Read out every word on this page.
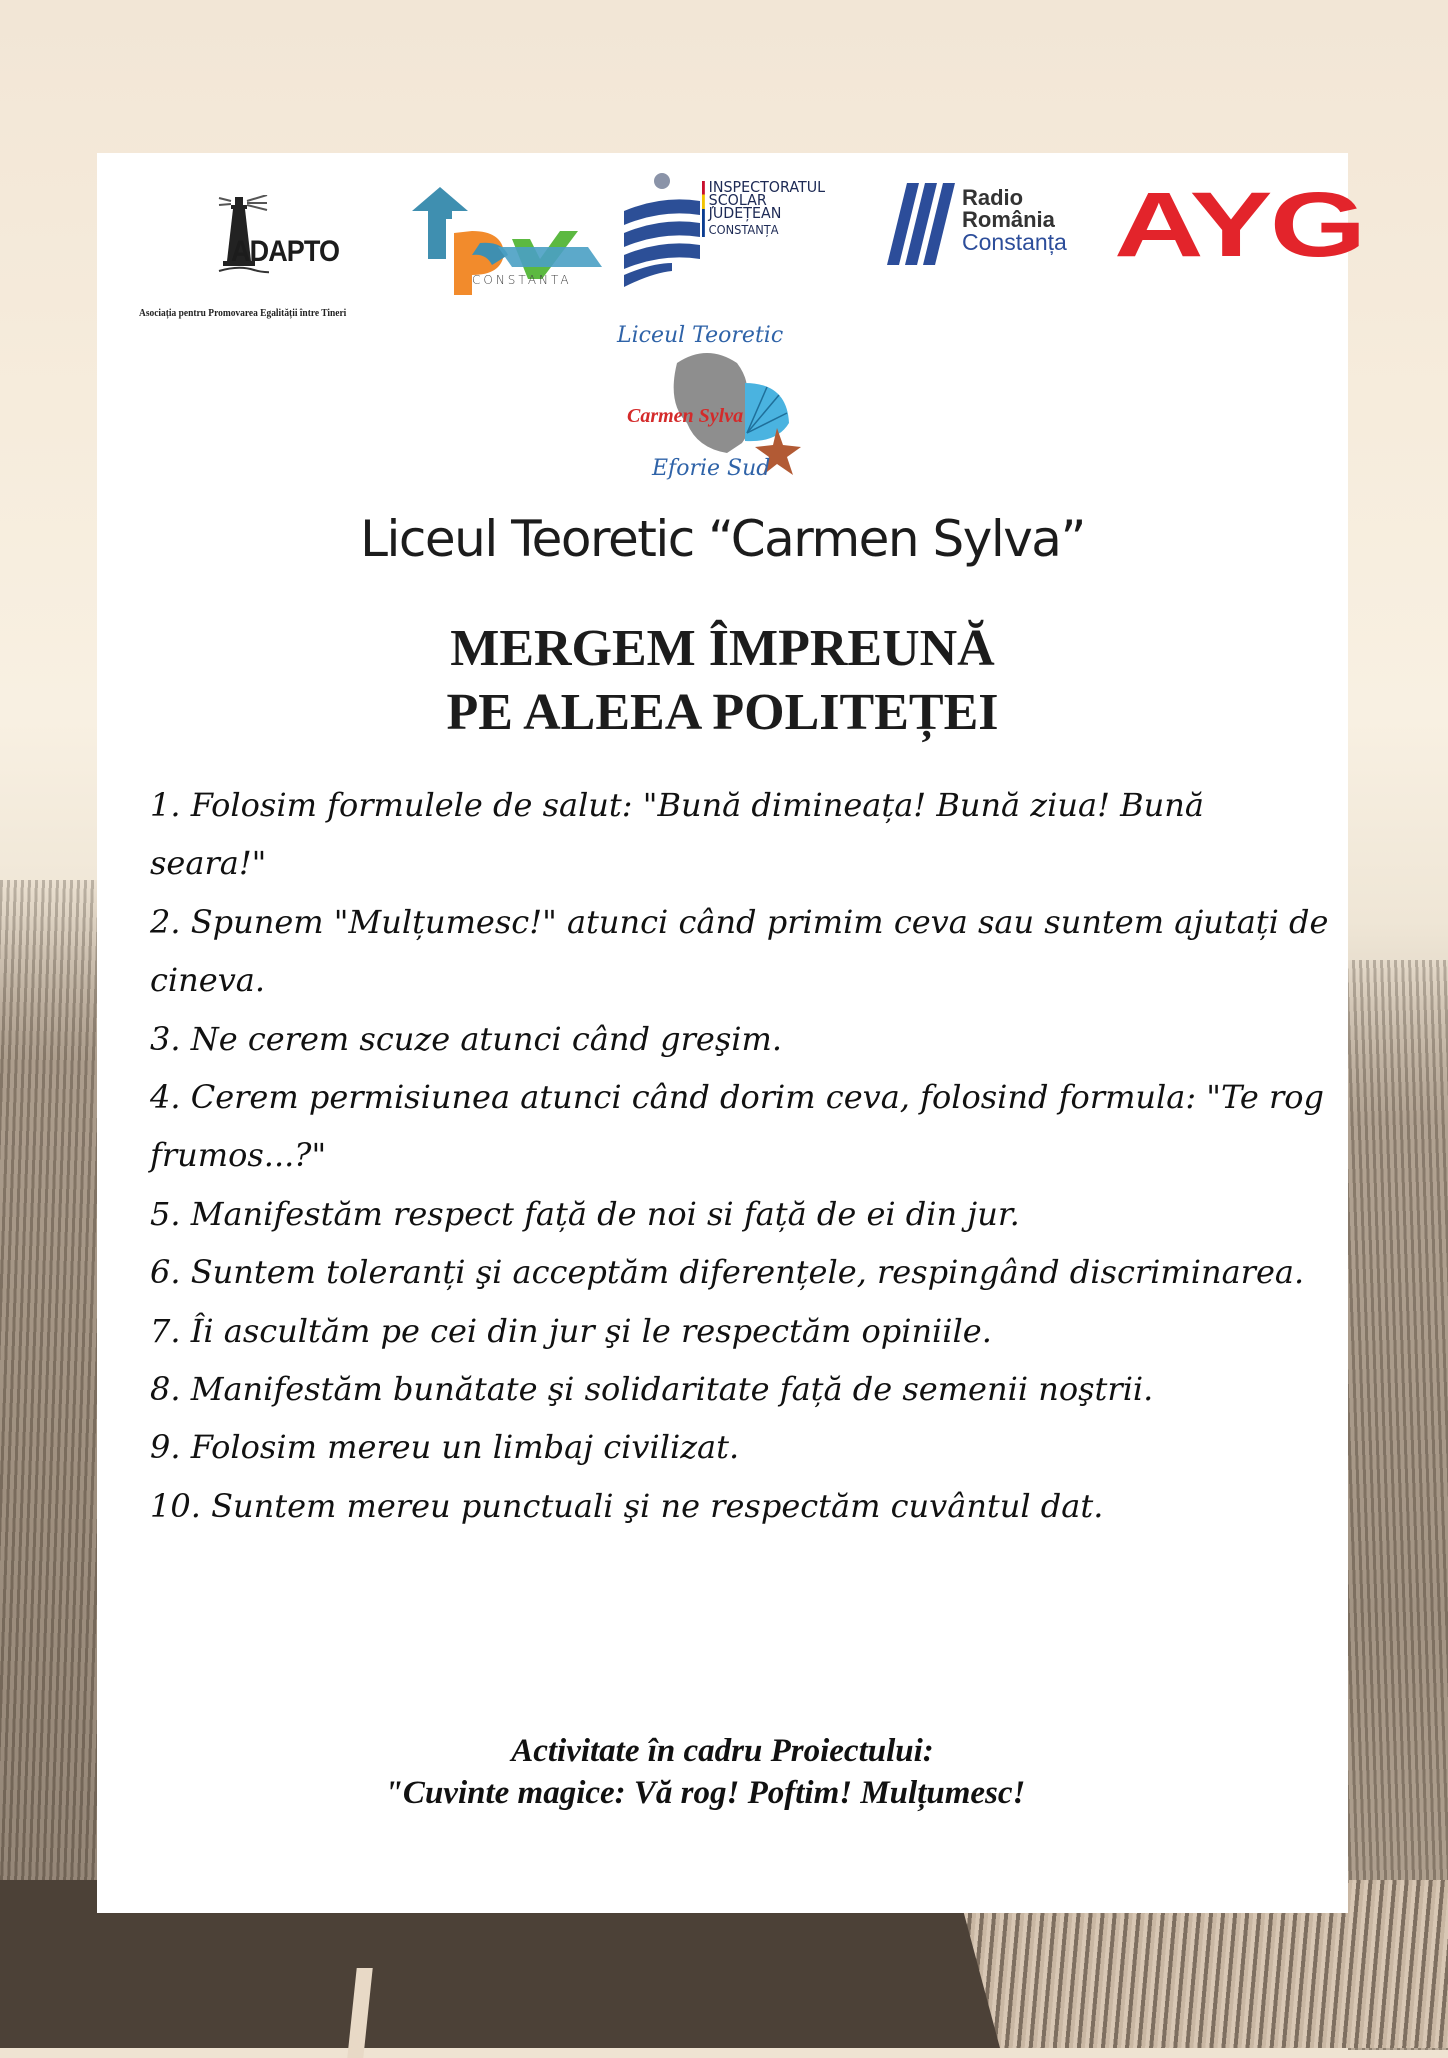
ADAPTO
Asociația pentru Promovarea Egalității între Tineri
CONSTANTA
INSPECTORATUL
ȘCOLAR
JUDEȚEAN
CONSTANȚA
Radio
România
Constanța AYG
Liceul Teoretic
Carmen Sylva
Eforie Sud
Liceul Teoretic “Carmen Sylva”
MERGEM ÎMPREUNĂ
PE ALEEA POLITEȚEI
1. Folosim formulele de salut: "Bună dimineața! Bună ziua! Bună seara!"
2. Spunem "Mulțumesc!" atunci când primim ceva sau suntem ajutați de cineva.
3. Ne cerem scuze atunci când greşim.
4. Cerem permisiunea atunci când dorim ceva, folosind formula: "Te rog frumos...?"
5. Manifestăm respect față de noi si față de ei din jur.
6. Suntem toleranți şi acceptăm diferențele, respingând discriminarea.
7. Îi ascultăm pe cei din jur şi le respectăm opiniile.
8. Manifestăm bunătate şi solidaritate față de semenii noştrii.
9. Folosim mereu un limbaj civilizat.
10. Suntem mereu punctuali şi ne respectăm cuvântul dat.
Activitate în cadru Proiectului:
"Cuvinte magice: Vă rog! Poftim! Mulțumesc!
